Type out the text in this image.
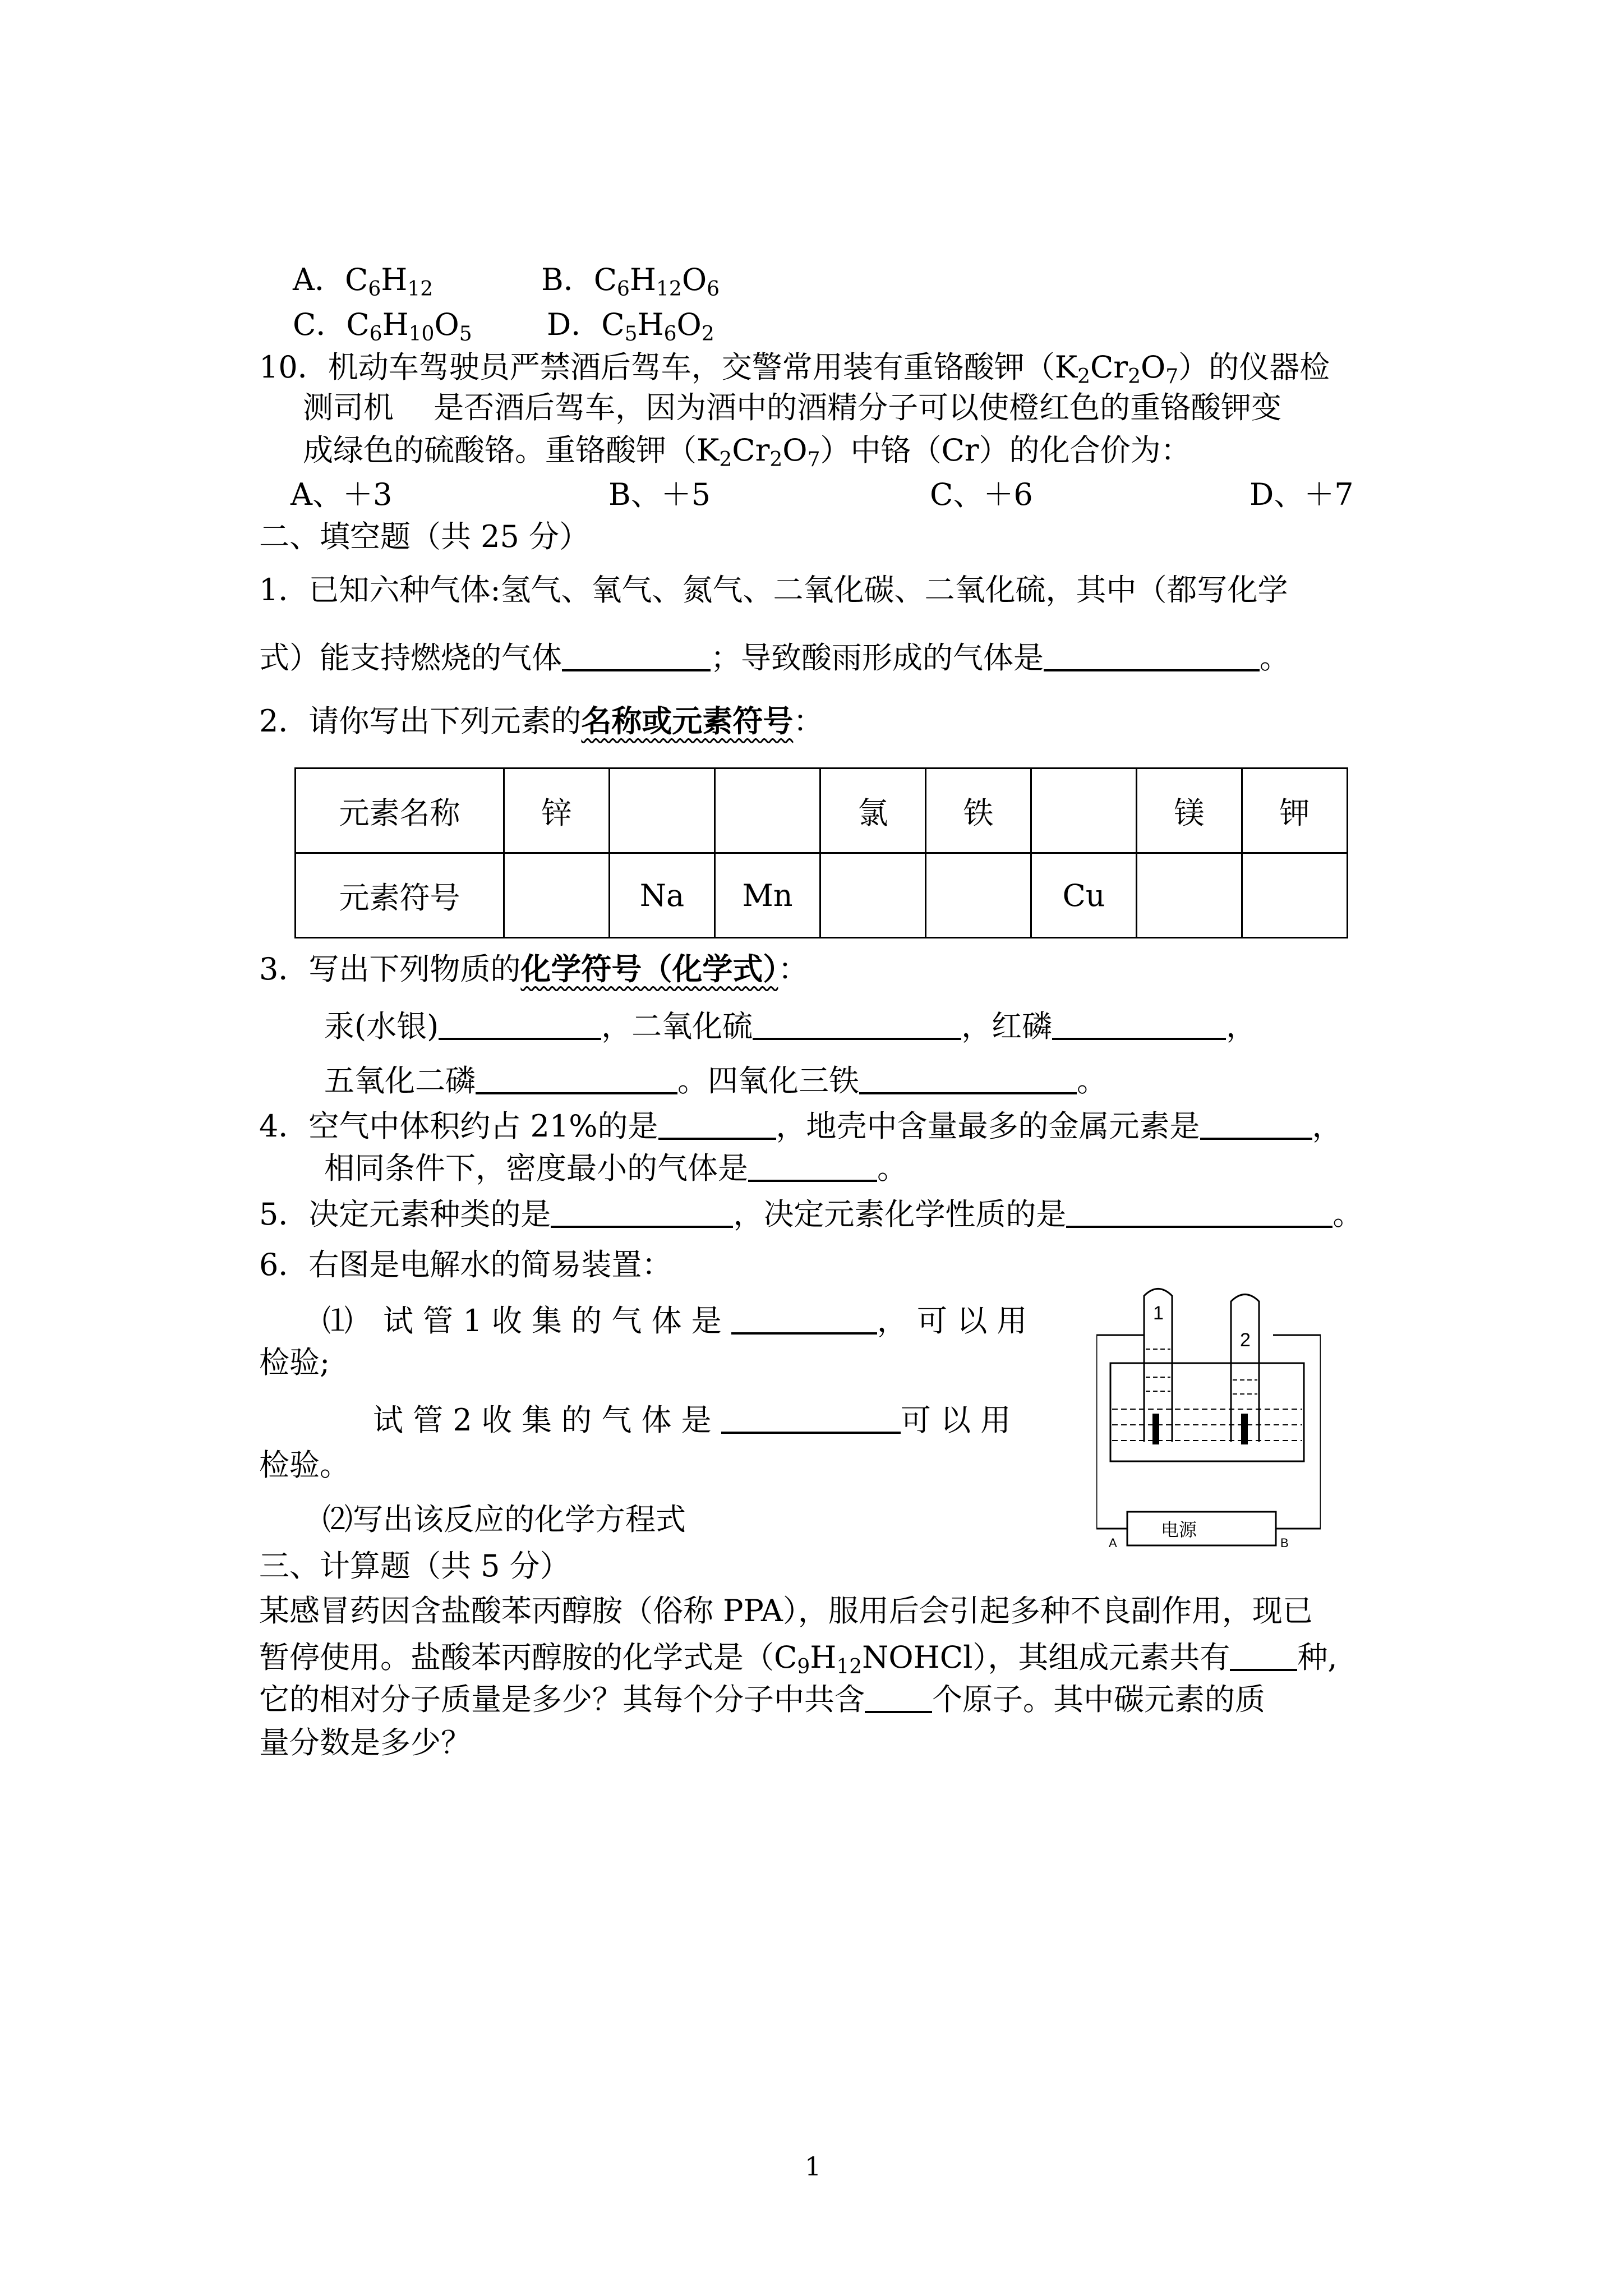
A．$C_6H_{12}$	B．$C_6H_{12}O_6$
C．$C_6H_{10}O_5$ D．$C_5H_6O_2$
10．机动车驾驶员严禁酒后驾车，交警常用装有重铬酸钾$(K_2Cr_2O_7)$的仪器检
测司机　 是否酒后驾车，因为酒中的酒精分子可以使橙红色的重铬酸钾变
成绿色的硫酸铬。重铬酸钾$(K_2Cr_2O_7)$中铬（Cr）的化合价为：
A、＋3	B、＋5	C、＋6	D、＋7
二、填空题（共 25 分）
1．已知六种气体:氢气、氧气、氮气、二氧化碳、二氧化硫，其中（都写化学
式）能支持燃烧的气体	；导致酸雨形成的气体是	。
2．请你写出下列元素的名称或元素符号：
元素名称	锌			氯	铁		镁	钾
元素符号		Na	Mn			Cu		
3．写出下列物质的化学符号（化学式）：
汞(水银)	，二氧化硫	，红磷	，
五氧化二磷	。四氧化三铁	。
4．空气中体积约占 21%的是	，地壳中含量最多的金属元素是	，
相同条件下，密度最小的气体是	。
5．决定元素种类的是	，决定元素化学性质的是	。
6．右图是电解水的简易装置：
⑴　试 管 1 收 集 的 气 体 是	， 可 以 用
检验;
试 管 2 收 集 的 气 体 是	可 以 用
检验。
⑵写出该反应的化学方程式
1
2
电源
A	B
三、计算题（共 5 分）
某感冒药因含盐酸苯丙醇胺（俗称 PPA），服用后会引起多种不良副作用，现已
暂停使用。盐酸苯丙醇胺的化学式是$(C_9H_{12}NOHCl)$，其组成元素共有 种,
它的相对分子质量是多少？其每个分子中共含 个原子。其中碳元素的质
量分数是多少？
1
